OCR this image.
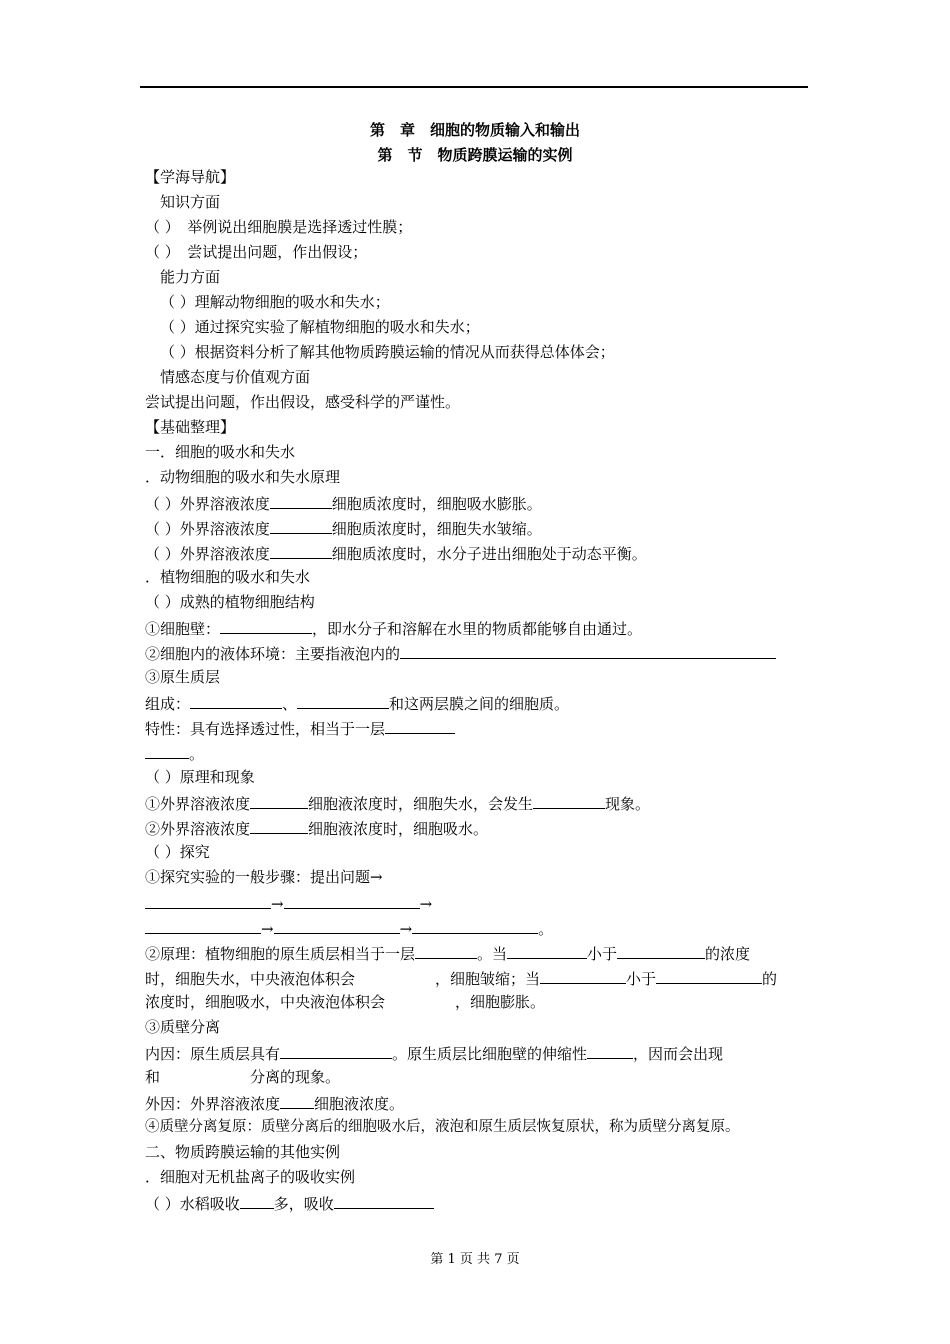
第　章　细胞的物质输入和输出
第　节　物质跨膜运输的实例
【学海导航】
知识方面
（ ）　举例说出细胞膜是选择透过性膜；
（ ）　尝试提出问题，作出假设；
能力方面
（ ）理解动物细胞的吸水和失水；
（ ）通过探究实验了解植物细胞的吸水和失水；
（ ）根据资料分析了解其他物质跨膜运输的情况从而获得总体体会；
情感态度与价值观方面
尝试提出问题，作出假设，感受科学的严谨性。
【基础整理】
一．细胞的吸水和失水
．动物细胞的吸水和失水原理
（ ）外界溶液浓度	细胞质浓度时，细胞吸水膨胀。
（ ）外界溶液浓度	细胞质浓度时，细胞失水皱缩。
（ ）外界溶液浓度	细胞质浓度时，水分子进出细胞处于动态平衡。
．植物细胞的吸水和失水
（ ）成熟的植物细胞结构
①细胞壁：	，即水分子和溶解在水里的物质都能够自由通过。
②细胞内的液体环境：主要指液泡内的
③原生质层
组成：	、	和这两层膜之间的细胞质。
特性：具有选择透过性，相当于一层
。
（ ）原理和现象
①外界溶液浓度	细胞液浓度时，细胞失水，会发生	现象。
②外界溶液浓度	细胞液浓度时，细胞吸水。
（ ）探究
①探究实验的一般步骤：提出问题→
→	→
→	→	。
②原理：植物细胞的原生质层相当于一层	。当	小于	的浓度
时，细胞失水，中央液泡体积会	，细胞皱缩；当	小于	的
浓度时，细胞吸水，中央液泡体积会	，细胞膨胀。
③质壁分离
内因：原生质层具有	。原生质层比细胞壁的伸缩性	，因而会出现
和	分离的现象。
外因：外界溶液浓度 细胞液浓度。
④质壁分离复原：质壁分离后的细胞吸水后，液泡和原生质层恢复原状，称为质壁分离复原。
二、物质跨膜运输的其他实例
．细胞对无机盐离子的吸收实例
（ ）水稻吸收 多，吸收
第 1 页 共 7 页
